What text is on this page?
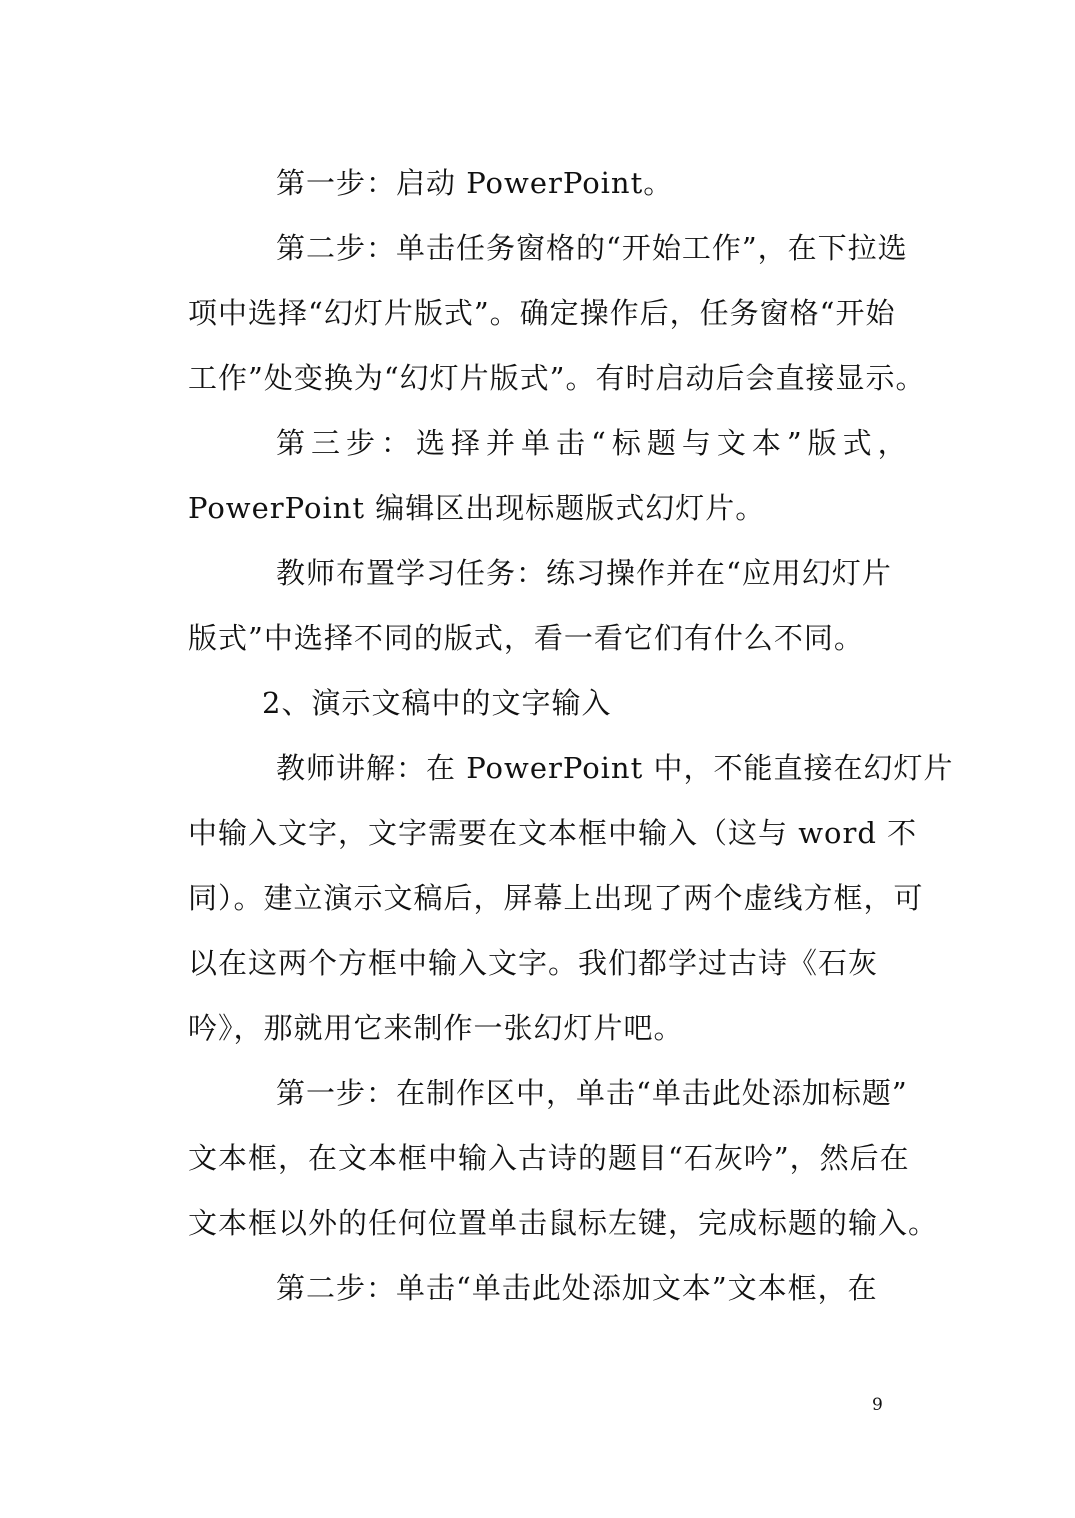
第一步：启动 PowerPoint。
第二步：单击任务窗格的“开始工作”，在下拉选
项中选择“幻灯片版式”。确定操作后，任务窗格“开始
工作”处变换为“幻灯片版式”。有时启动后会直接显示。
第三步：选择并单击“标题与文本”版式，
PowerPoint 编辑区出现标题版式幻灯片。
教师布置学习任务：练习操作并在“应用幻灯片
版式”中选择不同的版式，看一看它们有什么不同。
2、演示文稿中的文字输入
教师讲解：在 PowerPoint 中，不能直接在幻灯片
中输入文字，文字需要在文本框中输入（这与 word 不
同）。建立演示文稿后，屏幕上出现了两个虚线方框，可
以在这两个方框中输入文字。我们都学过古诗《石灰
吟》，那就用它来制作一张幻灯片吧。
第一步：在制作区中，单击“单击此处添加标题”
文本框，在文本框中输入古诗的题目“石灰吟”，然后在
文本框以外的任何位置单击鼠标左键，完成标题的输入。
第二步：单击“单击此处添加文本”文本框，在
9
